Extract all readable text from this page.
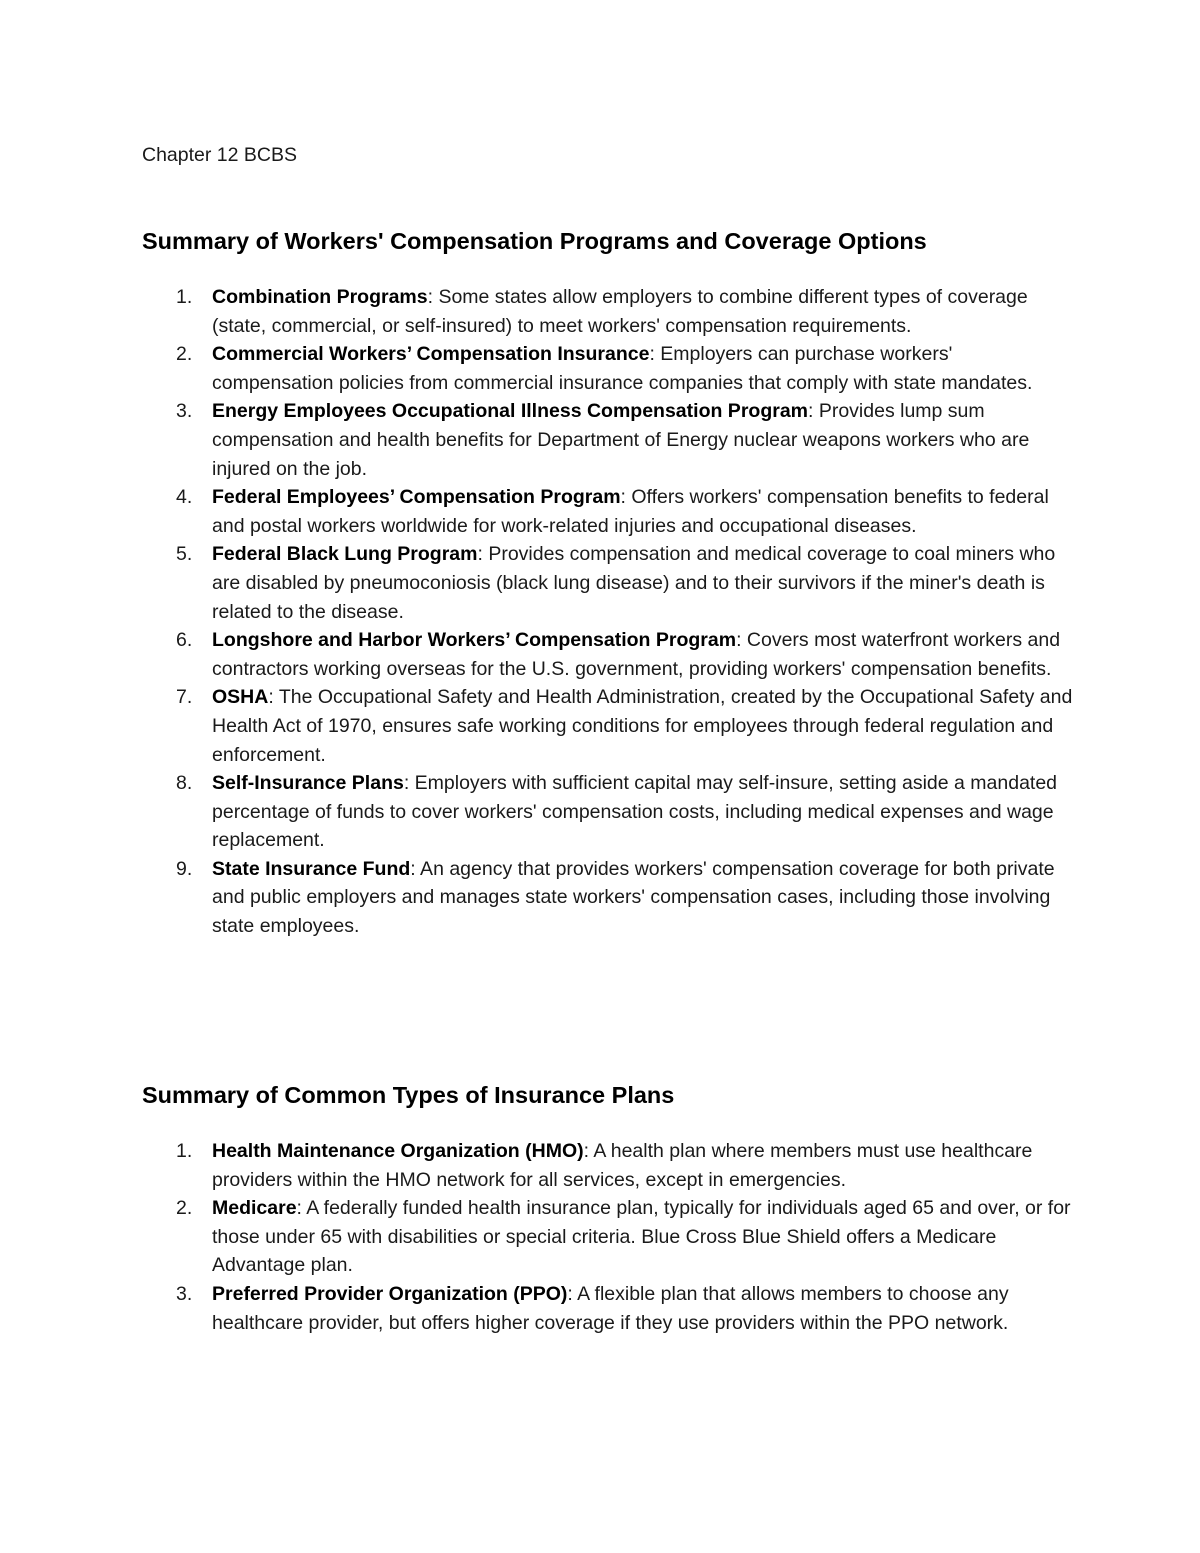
Chapter 12 BCBS
Summary of Workers' Compensation Programs and Coverage Options
1. Combination Programs: Some states allow employers to combine different types of coverage (state, commercial, or self-insured) to meet workers' compensation requirements.
2. Commercial Workers’ Compensation Insurance: Employers can purchase workers' compensation policies from commercial insurance companies that comply with state mandates.
3. Energy Employees Occupational Illness Compensation Program: Provides lump sum compensation and health benefits for Department of Energy nuclear weapons workers who are injured on the job.
4. Federal Employees’ Compensation Program: Offers workers' compensation benefits to federal and postal workers worldwide for work-related injuries and occupational diseases.
5. Federal Black Lung Program: Provides compensation and medical coverage to coal miners who are disabled by pneumoconiosis (black lung disease) and to their survivors if the miner's death is related to the disease.
6. Longshore and Harbor Workers’ Compensation Program: Covers most waterfront workers and contractors working overseas for the U.S. government, providing workers' compensation benefits.
7. OSHA: The Occupational Safety and Health Administration, created by the Occupational Safety and Health Act of 1970, ensures safe working conditions for employees through federal regulation and enforcement.
8. Self-Insurance Plans: Employers with sufficient capital may self-insure, setting aside a mandated percentage of funds to cover workers' compensation costs, including medical expenses and wage replacement.
9. State Insurance Fund: An agency that provides workers' compensation coverage for both private and public employers and manages state workers' compensation cases, including those involving state employees.
Summary of Common Types of Insurance Plans
1. Health Maintenance Organization (HMO): A health plan where members must use healthcare providers within the HMO network for all services, except in emergencies.
2. Medicare: A federally funded health insurance plan, typically for individuals aged 65 and over, or for those under 65 with disabilities or special criteria. Blue Cross Blue Shield offers a Medicare Advantage plan.
3. Preferred Provider Organization (PPO): A flexible plan that allows members to choose any healthcare provider, but offers higher coverage if they use providers within the PPO network.
